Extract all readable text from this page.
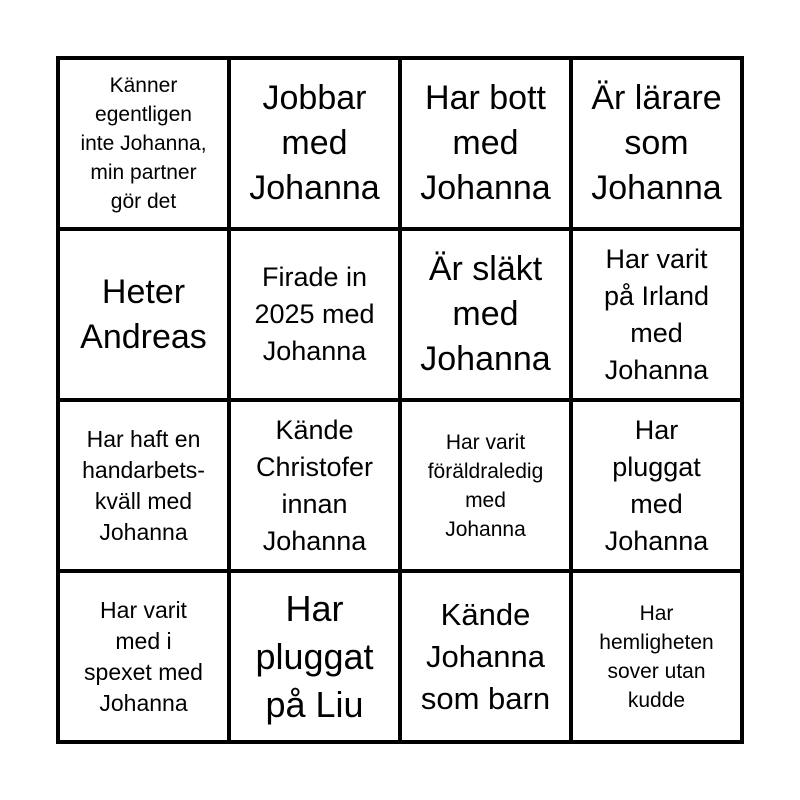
Känner
egentligen
inte Johanna,
min partner
gör det
Jobbar
med
Johanna
Har bott
med
Johanna
Är lärare
som
Johanna
Heter
Andreas
Firade in
2025 med
Johanna
Är släkt
med
Johanna
Har varit
på Irland
med
Johanna
Har haft en
handarbets-
kväll med
Johanna
Kände
Christofer
innan
Johanna
Har varit
föräldraledig
med
Johanna
Har
pluggat
med
Johanna
Har varit
med i
spexet med
Johanna
Har
pluggat
på Liu
Kände
Johanna
som barn
Har
hemligheten
sover utan
kudde
